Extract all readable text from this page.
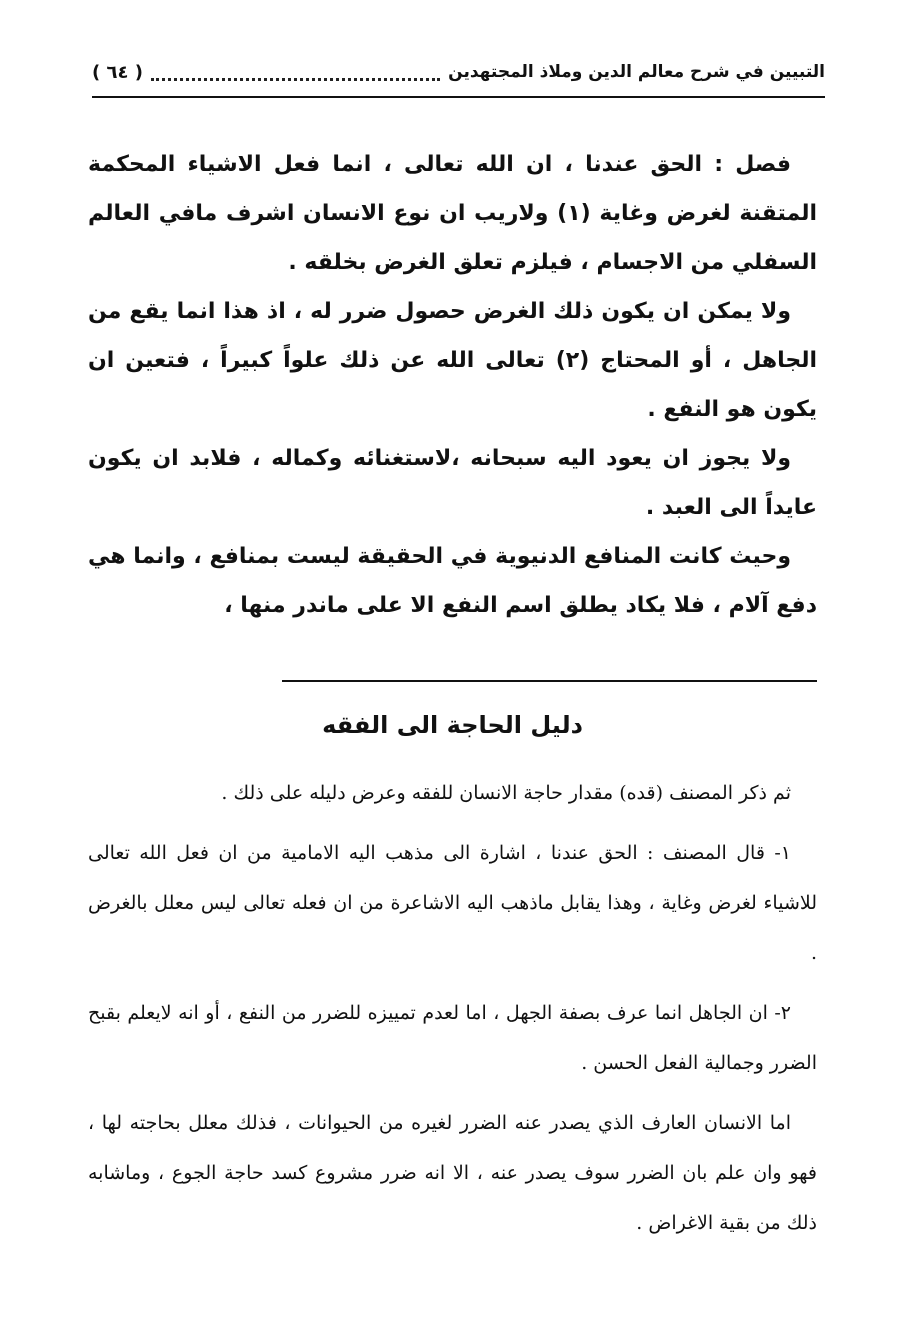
( ٦٤ )	التبيين في شرح معالم الدين وملاذ المجتهدين

فصل : الحق عندنا ، ان الله تعالى ، انما فعل الاشياء المحكمة المتقنة لغرض وغاية (١) ولاريب ان نوع الانسان اشرف مافي العالم السفلي من الاجسام ، فيلزم تعلق الغرض بخلقه .

ولا يمكن ان يكون ذلك الغرض حصول ضرر له ، اذ هذا انما يقع من الجاهل ، أو المحتاج (٢) تعالى الله عن ذلك علواً كبيراً ، فتعين ان يكون هو النفع .

ولا يجوز ان يعود اليه سبحانه ،لاستغنائه وكماله ، فلابد ان يكون عايداً الى العبد .

وحيث كانت المنافع الدنيوية في الحقيقة ليست بمنافع ، وانما هي دفع آلام ، فلا يكاد يطلق اسم النفع الا على ماندر منها ،

دليل الحاجة الى الفقه

ثم ذكر المصنف (قده) مقدار حاجة الانسان للفقه وعرض دليله على ذلك .

١- قال المصنف : الحق عندنا ، اشارة الى مذهب اليه الامامية من ان فعل الله تعالى للاشياء لغرض وغاية ، وهذا يقابل ماذهب اليه الاشاعرة من ان فعله تعالى ليس معلل بالغرض .

٢- ان الجاهل انما عرف بصفة الجهل ، اما لعدم تمييزه للضرر من النفع ، أو انه لايعلم بقبح الضرر وجمالية الفعل الحسن .

اما الانسان العارف الذي يصدر عنه الضرر لغيره من الحيوانات ، فذلك معلل بحاجته لها ، فهو وان علم بان الضرر سوف يصدر عنه ، الا انه ضرر مشروع كسد حاجة الجوع ، وماشابه ذلك من بقية الاغراض .
